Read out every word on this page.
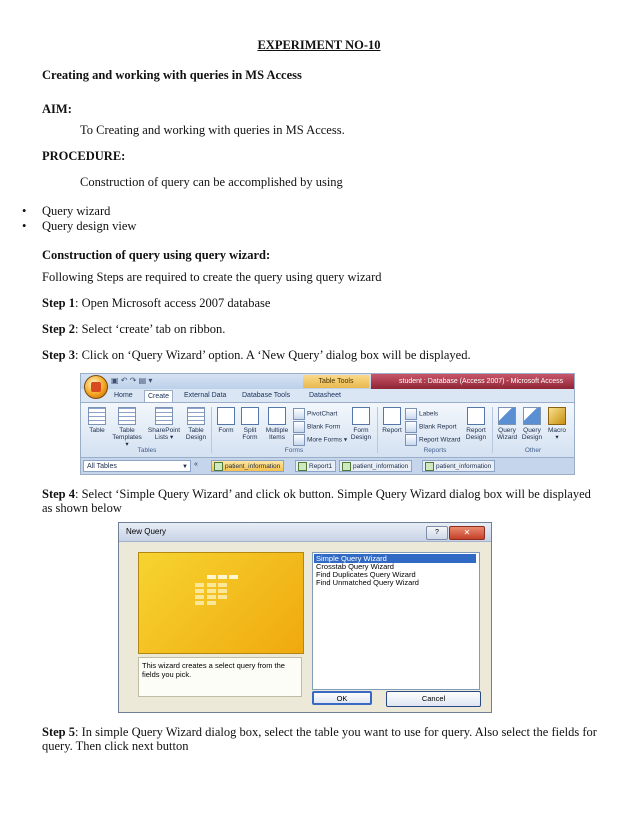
EXPERIMENT NO-10
Creating and working with queries in MS Access
AIM:
To Creating and working with queries in MS Access.
PROCEDURE:
Construction of query can be accomplished by using
• Query wizard
• Query design view
Construction of query using query wizard:
Following Steps are required to create the query using query wizard
Step 1: Open Microsoft access 2007 database
Step 2: Select ‘create’ tab on ribbon.
Step 3: Click on ‘Query Wizard’ option. A ‘New Query’ dialog box will be displayed.
▣ ↶ ↷ ▤ ▾	Table Tools	student : Database (Access 2007) - Microsoft Access
Home	Create	External Data	Database Tools	Datasheet
Table	Table
Templates ▾
SharePoint
Lists ▾
Table
Design
Tables
Form	Split
Form
Multiple
Items
PivotChart
Blank Form
More Forms ▾
Form
Design
Forms
Report
Labels
Blank Report
Report Wizard
Report
Design
Reports
Query
Wizard
Query
Design
Macro
▾
Other
All Tables	▼ «	patient_information	Report1	patient_information	patient_information
Step 4: Select ‘Simple Query Wizard’ and click ok button. Simple Query Wizard dialog box will be displayed
as shown below
New Query	?	✕
This wizard creates a select query from the fields you pick.
Simple Query Wizard
Crosstab Query Wizard
Find Duplicates Query Wizard
Find Unmatched Query Wizard
OK	Cancel
Step 5: In simple Query Wizard dialog box, select the table you want to use for query. Also select the fields for
query. Then click next button
